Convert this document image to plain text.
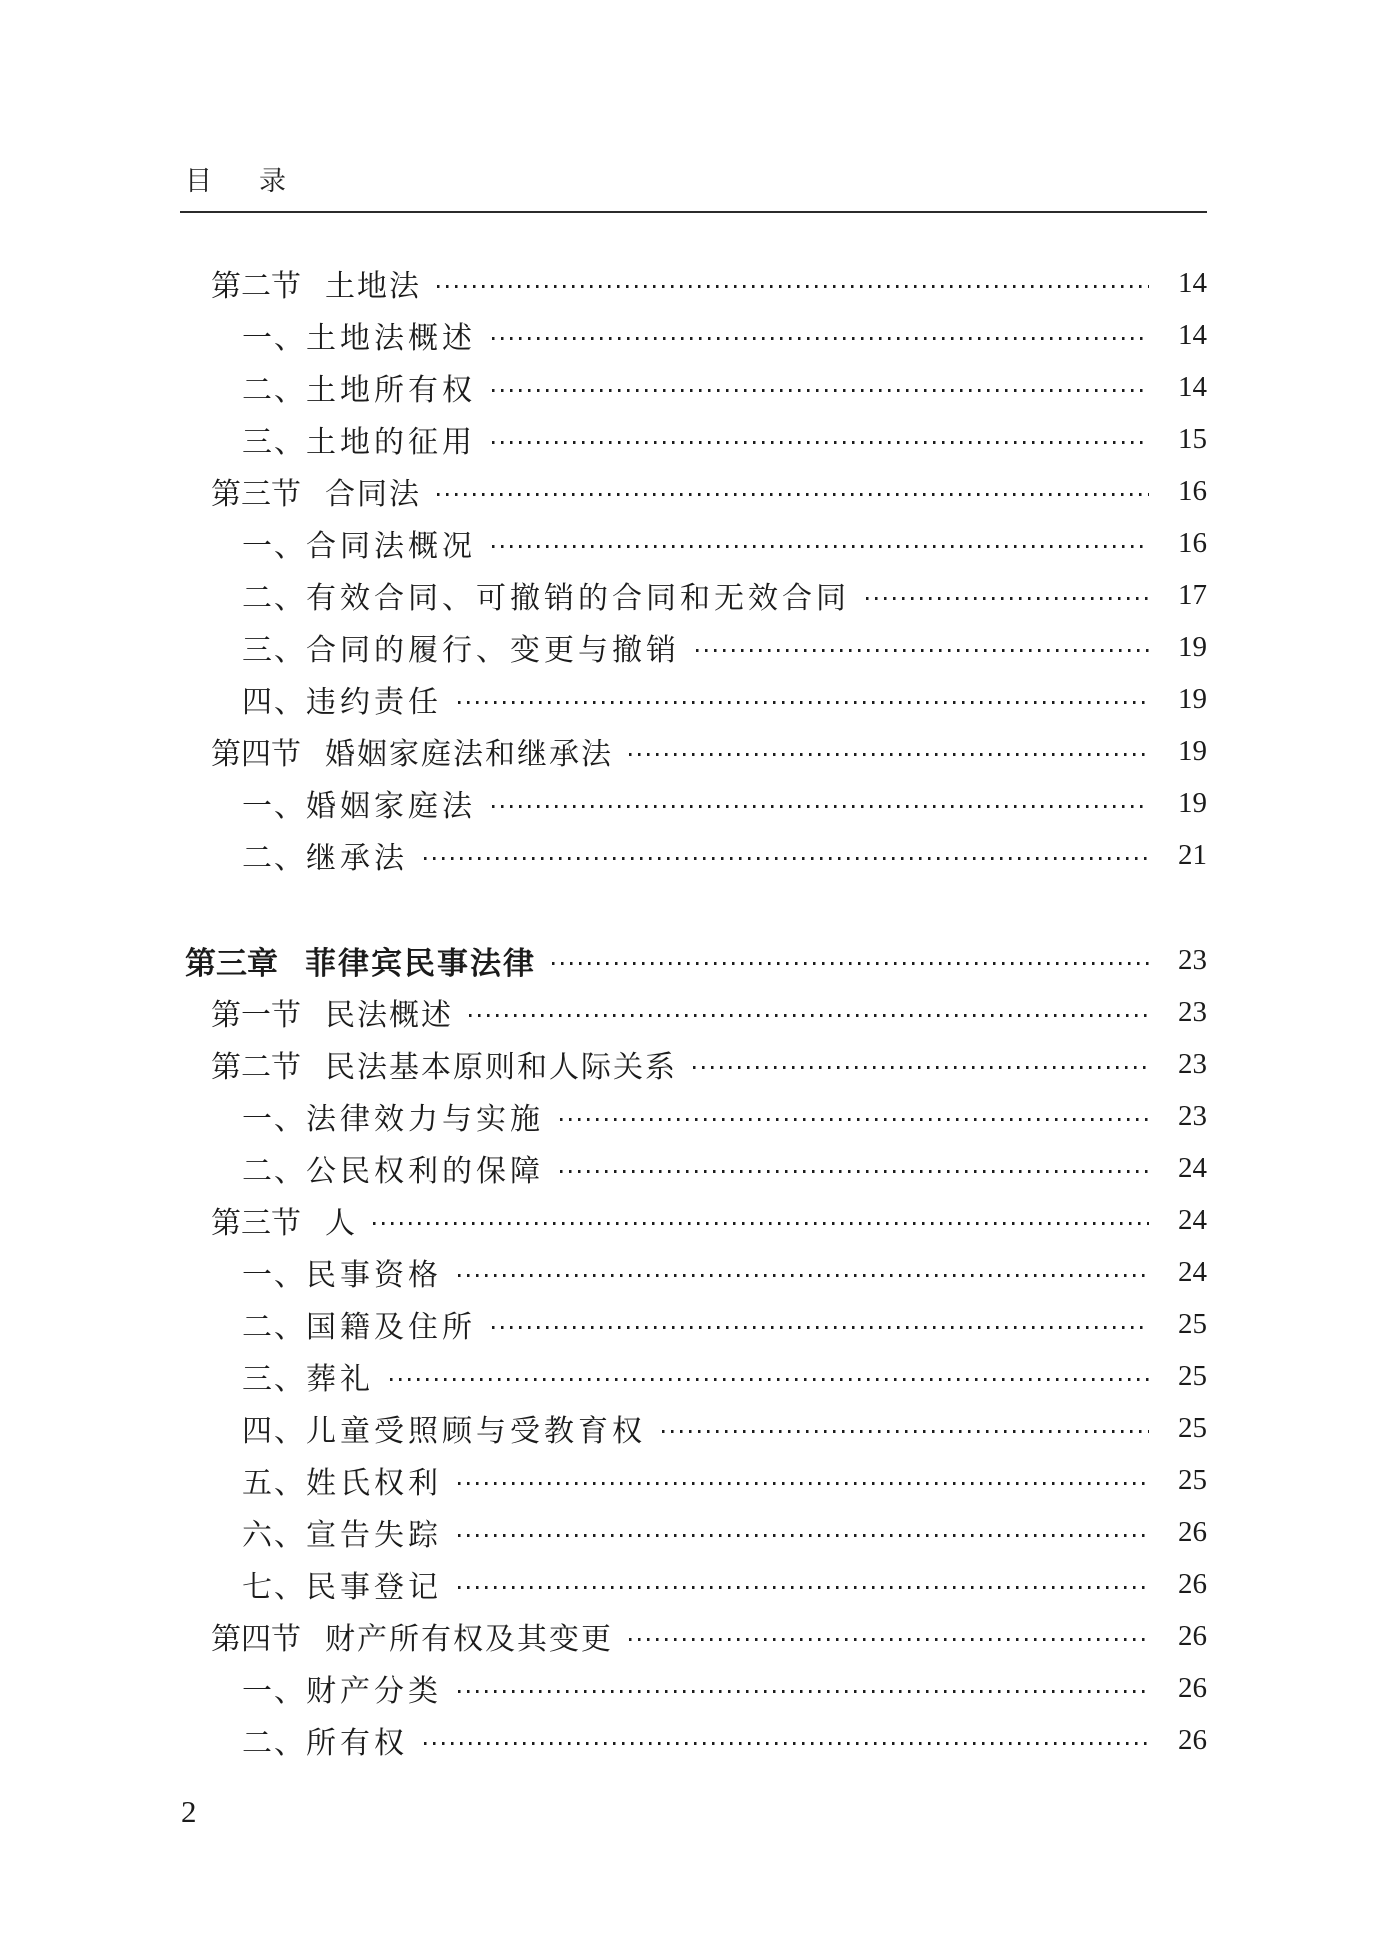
目 录
第二节 土地法	14
一、 土地法概述	14
二、 土地所有权	14
三、 土地的征用	15
第三节 合同法	16
一、 合同法概况	16
二、 有效合同、可撤销的合同和无效合同	17
三、 合同的履行、变更与撤销	19
四、 违约责任	19
第四节 婚姻家庭法和继承法	19
一、 婚姻家庭法	19
二、 继承法	21
第三章 菲律宾民事法律	23
第一节 民法概述	23
第二节 民法基本原则和人际关系	23
一、 法律效力与实施	23
二、 公民权利的保障	24
第三节 人	24
一、 民事资格	24
二、 国籍及住所	25
三、 葬礼	25
四、 儿童受照顾与受教育权	25
五、 姓氏权利	25
六、 宣告失踪	26
七、 民事登记	26
第四节 财产所有权及其变更	26
一、 财产分类	26
二、 所有权	26
2
